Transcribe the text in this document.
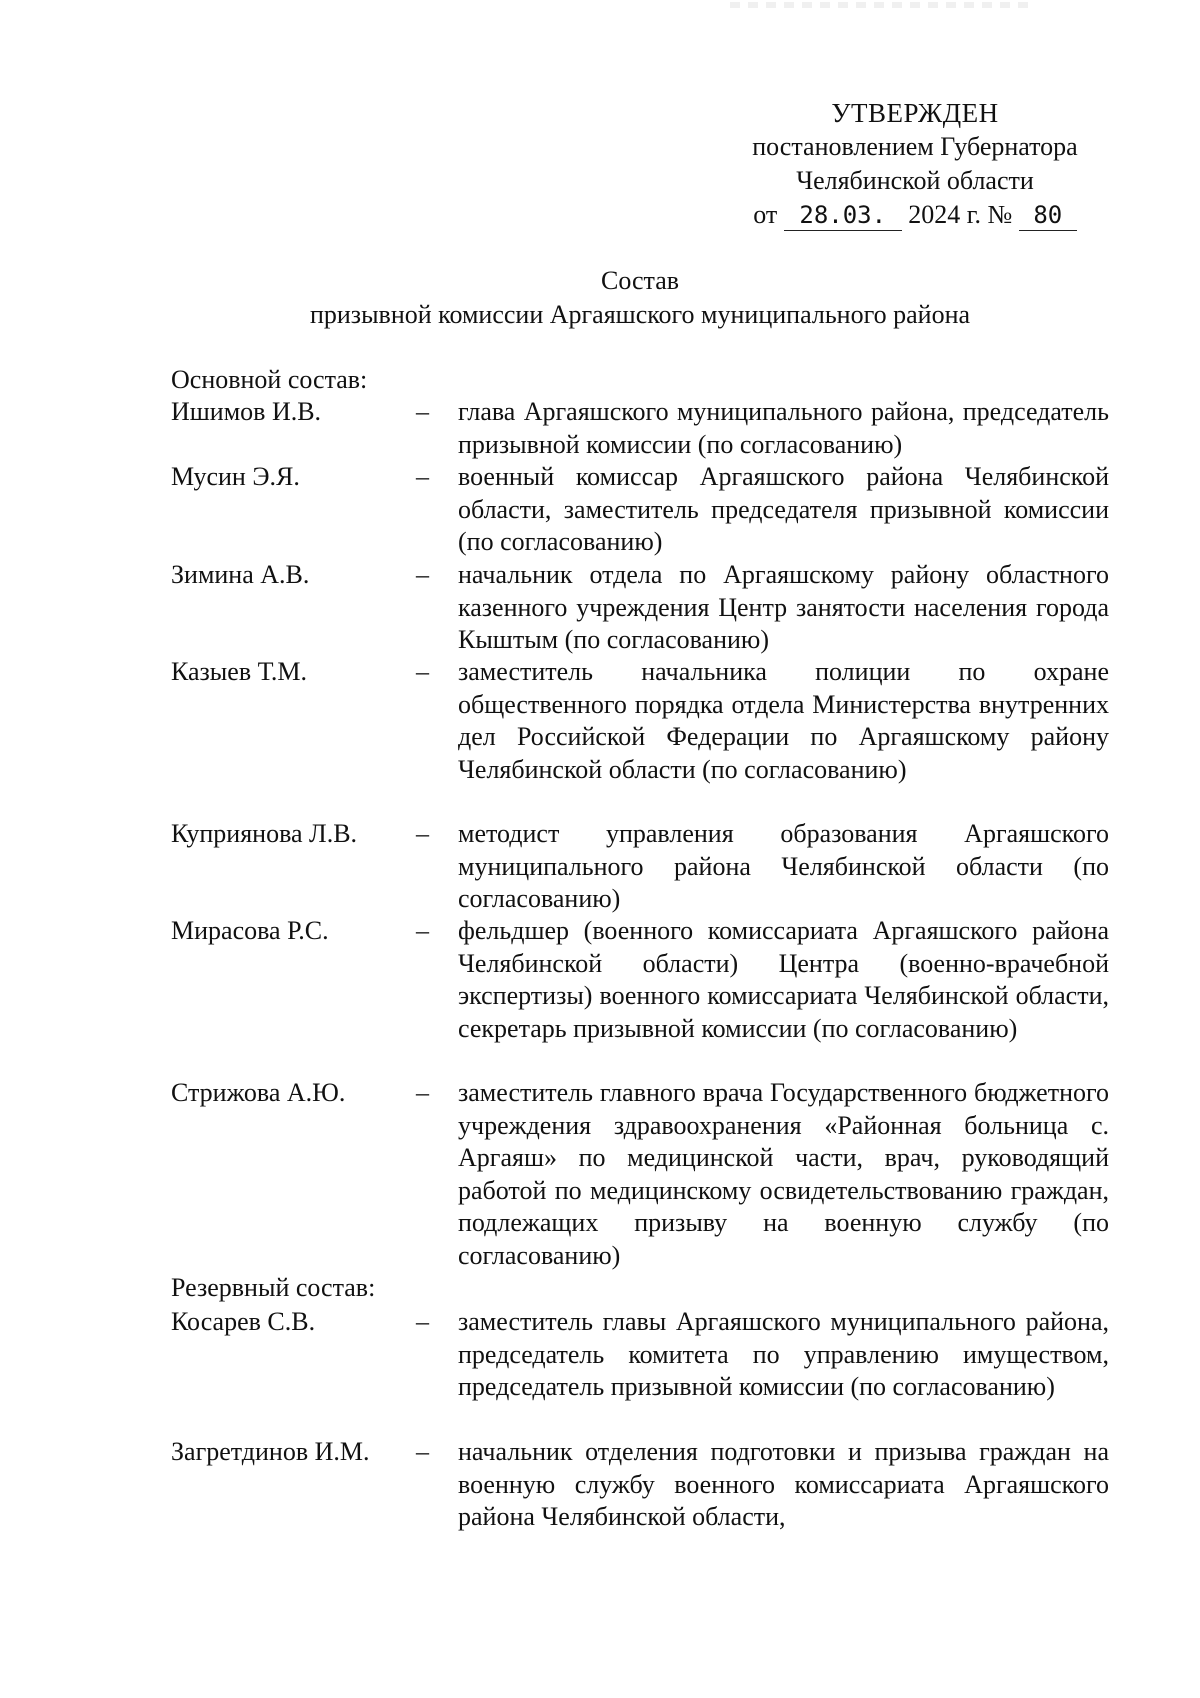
УТВЕРЖДЕН
постановлением Губернатора
Челябинской области
от 28.03. 2024 г. № 80
Состав
призывной комиссии Аргаяшского муниципального района
Основной состав:
Ишимов И.В.	– глава Аргаяшского муниципального района, председатель призывной комиссии (по согласованию)
Мусин Э.Я.	– военный комиссар Аргаяшского района Челябинской области, заместитель председателя призывной комиссии (по согласованию)
Зимина А.В.	– начальник отдела по Аргаяшскому району областного казенного учреждения Центр занятости населения города Кыштым (по согласованию)
Казыев Т.М.	– заместитель начальника полиции по охране общественного порядка отдела Министерства внутренних дел Российской Федерации по Аргаяшскому району Челябинской области (по согласованию)
Куприянова Л.В. – методист управления образования Аргаяшского муниципального района Челябинской области (по согласованию)
Мирасова Р.С.	– фельдшер (военного комиссариата Аргаяшского района Челябинской области) Центра (военно-врачебной экспертизы) военного комиссариата Челябинской области, секретарь призывной комиссии (по согласованию)
Стрижова А.Ю.	– заместитель главного врача Государственного бюджетного учреждения здравоохранения «Районная больница с. Аргаяш» по медицинской части, врач, руководящий работой по медицинскому освидетельствованию граждан, подлежащих призыву на военную службу (по согласованию)
Резервный состав:
Косарев С.В.	– заместитель главы Аргаяшского муниципального района, председатель комитета по управлению имуществом, председатель призывной комиссии (по согласованию)
Загретдинов И.М. – начальник отделения подготовки и призыва граждан на военную службу военного комиссариата Аргаяшского района Челябинской области,
